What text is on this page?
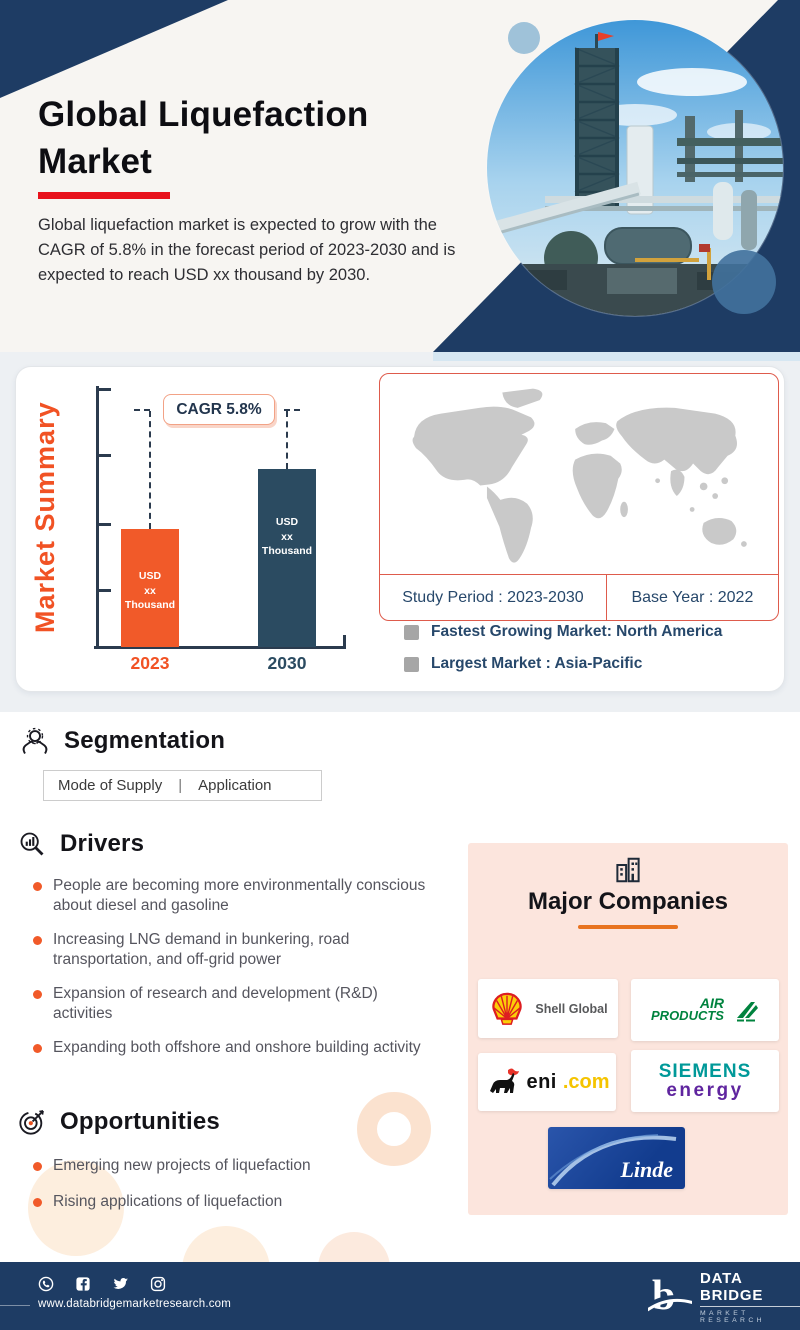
Global Liquefaction
Market

Global liquefaction market is expected to grow with the CAGR of 5.8% in the forecast period of 2023-2030 and is expected to reach USD xx thousand by 2030.

Market Summary	CAGR 5.8%
USD
xx
Thousand
USD
xx
Thousand
2023	2030
Study Period : 2023-2030	Base Year : 2022
Fastest Growing Market: North America
Largest Market : Asia-Pacific
Segmentation
Mode of Supply | Application
Drivers
People are becoming more environmentally conscious about diesel and gasoline
Increasing LNG demand in bunkering, road transportation, and off-grid power
Expansion of research and development (R&D) activities
Expanding both offshore and onshore building activity
Opportunities
Emerging new projects of liquefaction
Rising applications of liquefaction
Major Companies
Shell Global	AIR
PRODUCTS
eni .com	SIEMENS
energy
Linde
www.databridgemarketresearch.com	b DATA BRIDGE
MARKET RESEARCH
